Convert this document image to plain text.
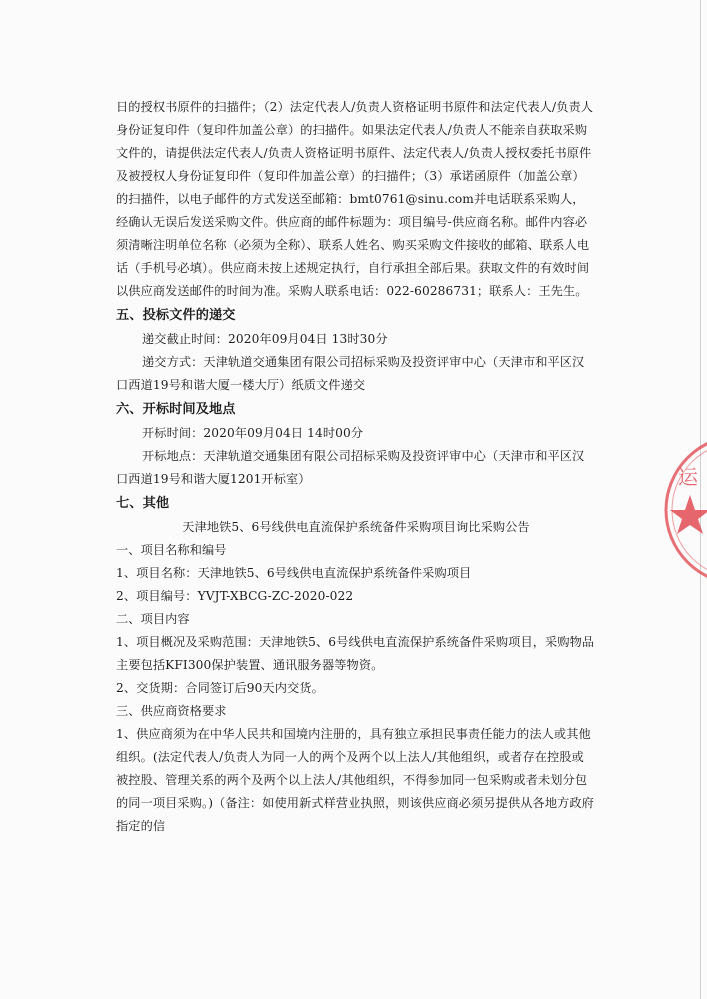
日的授权书原件的扫描件；（2）法定代表人/负责人资格证明书原件和法定代表人/负责人身份证复印件（复印件加盖公章）的扫描件。如果法定代表人/负责人不能亲自获取采购文件的，请提供法定代表人/负责人资格证明书原件、法定代表人/负责人授权委托书原件及被授权人身份证复印件（复印件加盖公章）的扫描件；（3）承诺函原件（加盖公章）的扫描件，以电子邮件的方式发送至邮箱：bmt0761@sinu.com并电话联系采购人，经确认无误后发送采购文件。供应商的邮件标题为：项目编号-供应商名称。邮件内容必须清晰注明单位名称（必须为全称）、联系人姓名、购买采购文件接收的邮箱、联系人电话（手机号必填）。供应商未按上述规定执行，自行承担全部后果。获取文件的有效时间以供应商发送邮件的时间为准。采购人联系电话：022-60286731；联系人：王先生。

五、投标文件的递交

递交截止时间：2020年09月04日 13时30分

递交方式：天津轨道交通集团有限公司招标采购及投资评审中心（天津市和平区汉口西道19号和谐大厦一楼大厅）纸质文件递交

六、开标时间及地点

开标时间：2020年09月04日 14时00分

开标地点：天津轨道交通集团有限公司招标采购及投资评审中心（天津市和平区汉口西道19号和谐大厦1201开标室）

七、其他

天津地铁5、6号线供电直流保护系统备件采购项目询比采购公告

一、项目名称和编号

1、项目名称：天津地铁5、6号线供电直流保护系统备件采购项目

2、项目编号：YVJT-XBCG-ZC-2020-022

二、项目内容

1、项目概况及采购范围：天津地铁5、6号线供电直流保护系统备件采购项目，采购物品主要包括KFI300保护装置、通讯服务器等物资。

2、交货期：合同签订后90天内交货。

三、供应商资格要求

1、供应商须为在中华人民共和国境内注册的，具有独立承担民事责任能力的法人或其他组织。(法定代表人/负责人为同一人的两个及两个以上法人/其他组织，或者存在控股或被控股、管理关系的两个及两个以上法人/其他组织，不得参加同一包采购或者未划分包的同一项目采购。)（备注：如使用新式样营业执照，则该供应商必须另提供从各地方政府指定的信

运
